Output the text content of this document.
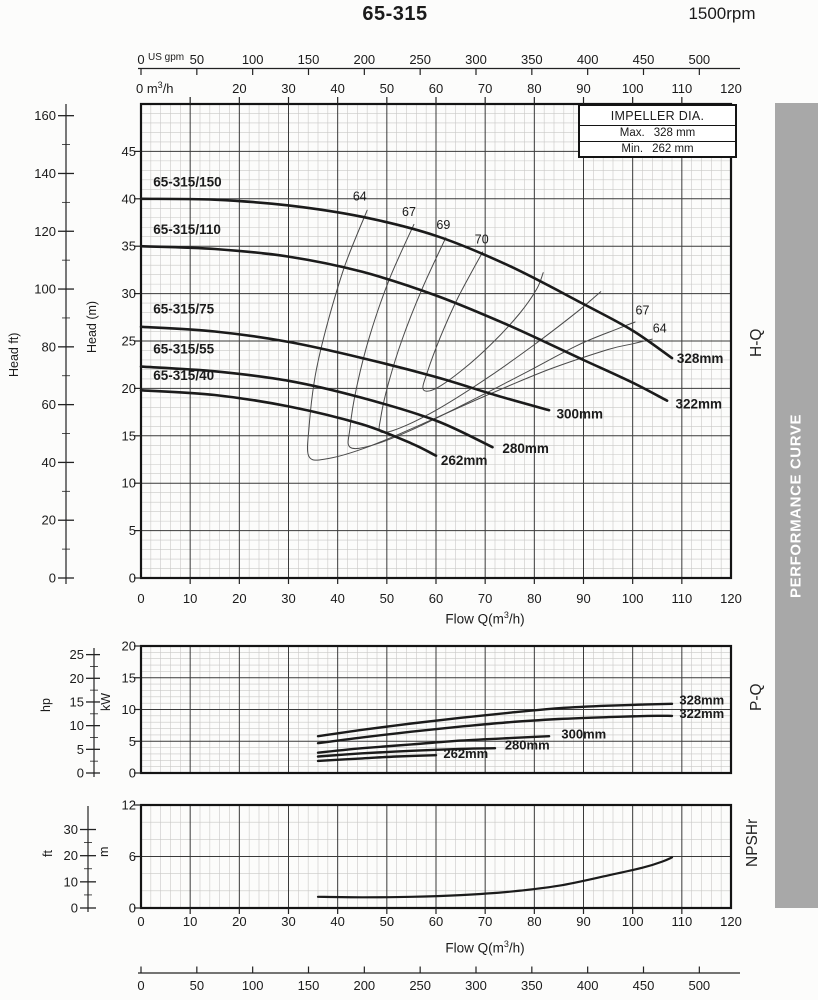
0	10	20	30	40	50	60	70	80	90 100 110 120
0
5
10
15
20
25
30
35
40
45
0
20
40
60
80
100
120
140
160
0	50	100	150	200	250	300	350	400	450	500
0 $m^3/h$	20	30	40	50	60	70	80	90 100 110 120
64
64
67
67
69
70
65-315/150
328mm
65-315/110
322mm
65-315/75
300mm
65-315/55
280mm
65-315/40
262mm
0
5
10
15
20
0
5
10
15
20
25
328mm
322mm
300mm
280mm
262mm
0	10	20	30	40	50	60	70	80	90 100 110 120
0
6
12
0
10
20
30
0	50	100	150	200	250	300	350	400	450	500
65-315	1500rpm
US gpm
IMPELLER DIA.
Max. 328 mm
Min. 262 mm
Head ft)
Head (m)
hp	kW
ft	m
H-Q
P-Q
NPSHr
Flow $Q(m^3/h)$
Flow $Q(m^3/h)$
PERFORMANCE CURVE
